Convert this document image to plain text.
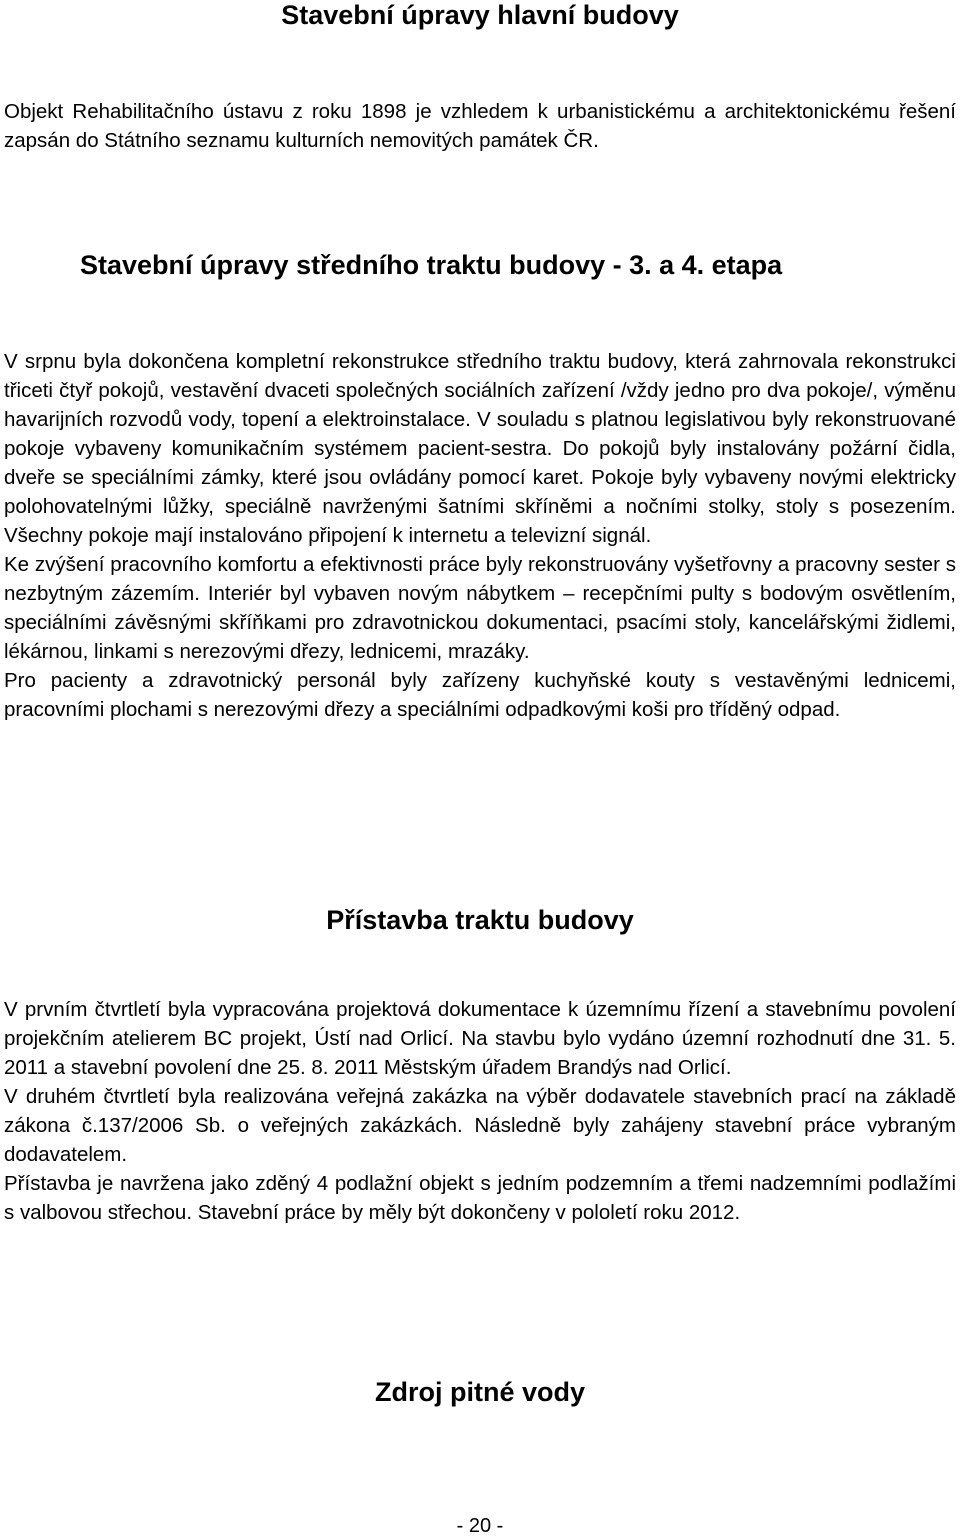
Stavební úpravy hlavní budovy

Objekt Rehabilitačního ústavu z roku 1898 je vzhledem k urbanistickému a architektonickému řešení zapsán do Státního seznamu kulturních nemovitých památek ČR.

Stavební úpravy středního traktu budovy - 3. a 4. etapa

V srpnu byla dokončena kompletní rekonstrukce středního traktu budovy, která zahrnovala rekonstrukci třiceti čtyř pokojů, vestavění dvaceti společných sociálních zařízení /vždy jedno pro dva pokoje/, výměnu havarijních rozvodů vody, topení a elektroinstalace. V souladu s platnou legislativou byly rekonstruované pokoje vybaveny komunikačním systémem pacient-sestra. Do pokojů byly instalovány požární čidla, dveře se speciálními zámky, které jsou ovládány pomocí karet. Pokoje byly vybaveny novými elektricky polohovatelnými lůžky, speciálně navrženými šatními skříněmi a nočními stolky, stoly s posezením. Všechny pokoje mají instalováno připojení k internetu a televizní signál.

Ke zvýšení pracovního komfortu a efektivnosti práce byly rekonstruovány vyšetřovny a pracovny sester s nezbytným zázemím. Interiér byl vybaven novým nábytkem – recepčními pulty s bodovým osvětlením, speciálními závěsnými skříňkami pro zdravotnickou dokumentaci, psacími stoly, kancelářskými židlemi, lékárnou, linkami s nerezovými dřezy, lednicemi, mrazáky.

Pro pacienty a zdravotnický personál byly zařízeny kuchyňské kouty s vestavěnými lednicemi, pracovními plochami s nerezovými dřezy a speciálními odpadkovými koši pro tříděný odpad.

Přístavba traktu budovy

V prvním čtvrtletí byla vypracována projektová dokumentace k územnímu řízení a stavebnímu povolení projekčním atelierem BC projekt, Ústí nad Orlicí. Na stavbu bylo vydáno územní rozhodnutí dne 31. 5. 2011 a stavební povolení dne 25. 8. 2011 Městským úřadem Brandýs nad Orlicí.

V druhém čtvrtletí byla realizována veřejná zakázka na výběr dodavatele stavebních prací na základě zákona č.137/2006 Sb. o veřejných zakázkách. Následně byly zahájeny stavební práce vybraným dodavatelem.

Přístavba je navržena jako zděný 4 podlažní objekt s jedním podzemním a třemi nadzemními podlažími s valbovou střechou. Stavební práce by měly být dokončeny v pololetí roku 2012.

Zdroj pitné vody
- 20 -
